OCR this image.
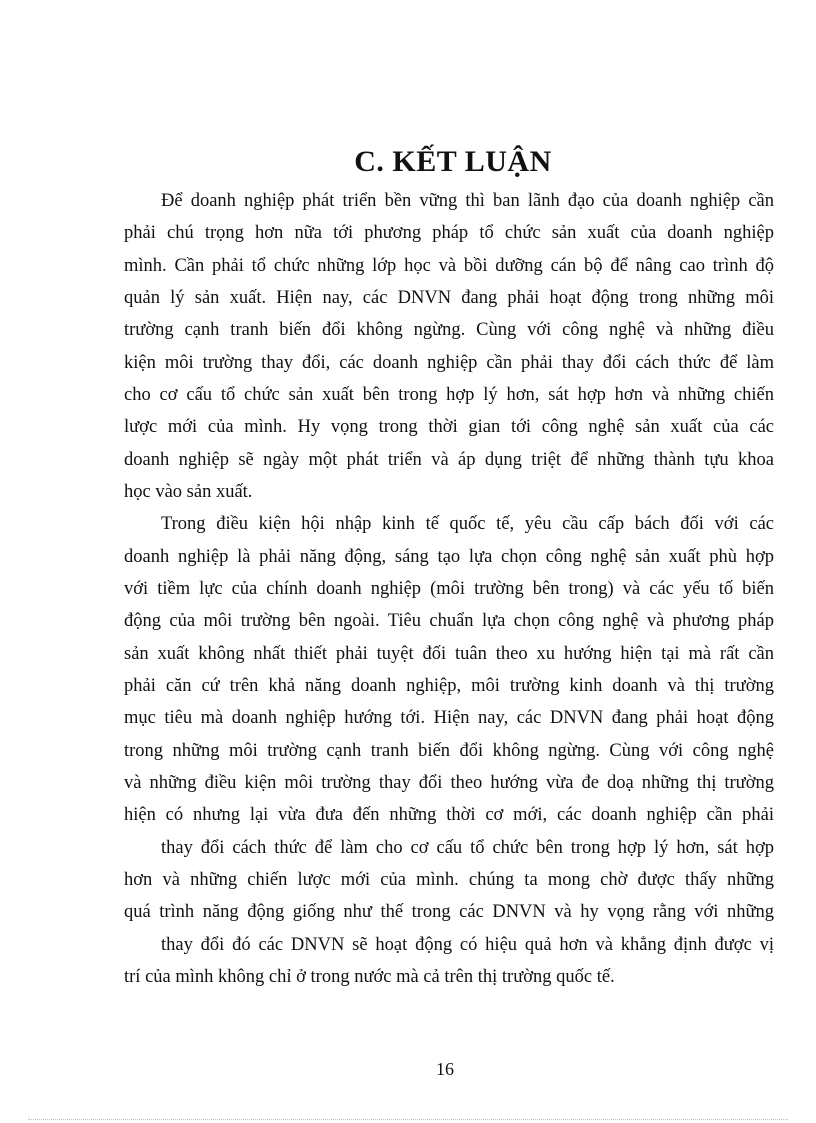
C. KẾT LUẬN

Để doanh nghiệp phát triển bền vững thì ban lãnh đạo của doanh nghiệp cần

phải chú trọng hơn nữa tới phương pháp tổ chức sản xuất của doanh nghiệp

mình. Cần phải tổ chức những lớp học và bồi dưỡng cán bộ để nâng cao trình độ

quản lý sản xuất. Hiện nay, các DNVN đang phải hoạt động trong những môi

trường cạnh tranh biến đổi không ngừng. Cùng với công nghệ và những điều

kiện môi trường thay đổi, các doanh nghiệp cần phải thay đổi cách thức để làm

cho cơ cấu tổ chức sản xuất bên trong hợp lý hơn, sát hợp hơn và những chiến

lược mới của mình. Hy vọng trong thời gian tới công nghệ sản xuất của các

doanh nghiệp sẽ ngày một phát triển và áp dụng triệt để những thành tựu khoa

học vào sản xuất.

Trong điều kiện hội nhập kinh tế quốc tế, yêu cầu cấp bách đối với các

doanh nghiệp là phải năng động, sáng tạo lựa chọn công nghệ sản xuất phù hợp

với tiềm lực của chính doanh nghiệp (môi trường bên trong) và các yếu tố biến

động của môi trường bên ngoài. Tiêu chuẩn lựa chọn công nghệ và phương pháp

sản xuất không nhất thiết phải tuyệt đối tuân theo xu hướng hiện tại mà rất cần

phải căn cứ trên khả năng doanh nghiệp, môi trường kinh doanh và thị trường

mục tiêu mà doanh nghiệp hướng tới. Hiện nay, các DNVN đang phải hoạt động

trong những môi trường cạnh tranh biến đổi không ngừng. Cùng với công nghệ

và những điều kiện môi trường thay đổi theo hướng vừa đe doạ những thị trường

hiện có nhưng lại vừa đưa đến những thời cơ mới, các doanh nghiệp cần phải

thay đổi cách thức để làm cho cơ cấu tổ chức bên trong hợp lý hơn, sát hợp

hơn và những chiến lược mới của mình. chúng ta mong chờ được thấy những

quá trình năng động giống như thế trong các DNVN và hy vọng rằng với những

thay đổi đó các DNVN sẽ hoạt động có hiệu quả hơn và khẳng định được vị

trí của mình không chỉ ở trong nước mà cả trên thị trường quốc tế.

16
